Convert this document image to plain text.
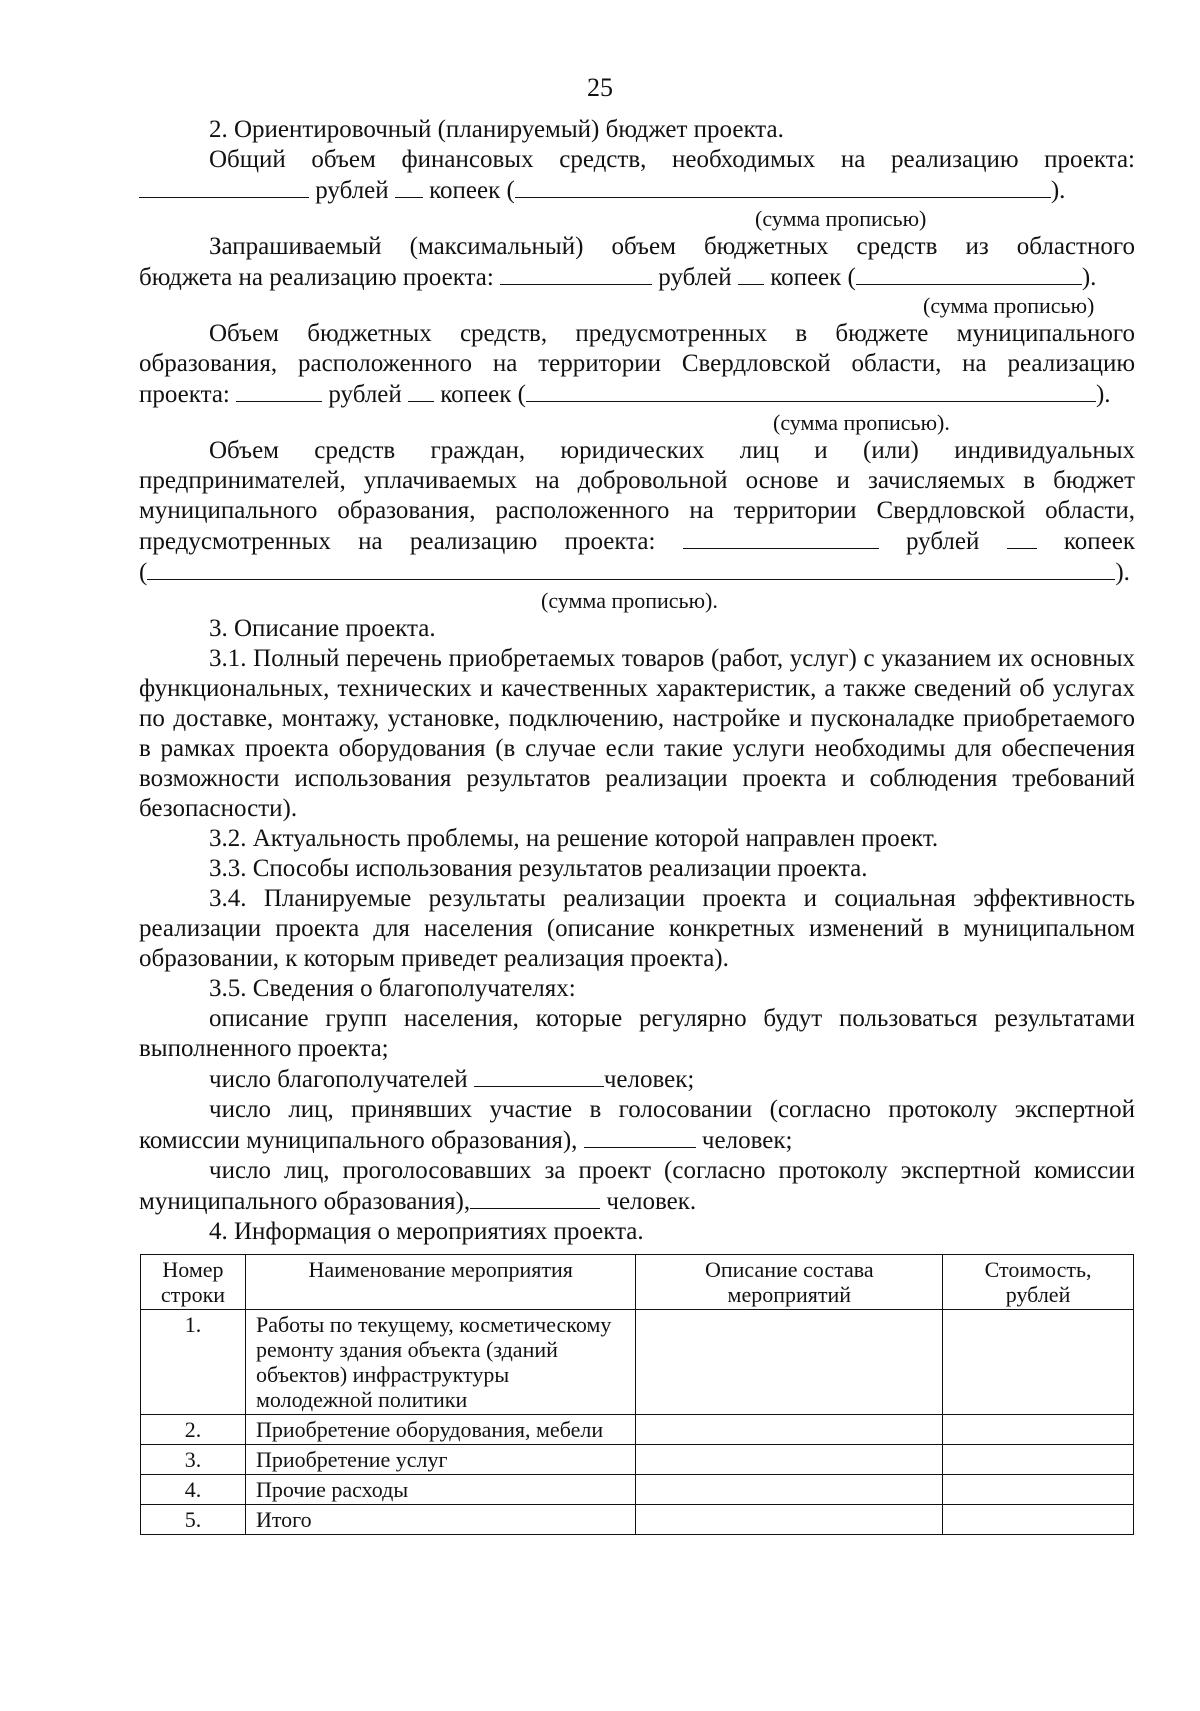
25
2. Ориентировочный (планируемый) бюджет проекта.
Общий объем финансовых средств, необходимых на реализацию проекта:
рублей копеек (	).
(сумма прописью)
Запрашиваемый (максимальный) объем бюджетных средств из областного
бюджета на реализацию проекта:	рублей копеек (	).
(сумма прописью)
Объем бюджетных средств, предусмотренных в бюджете муниципального
образования, расположенного на территории Свердловской области, на реализацию
проекта:	рублей копеек (	).
(сумма прописью).
Объем средств граждан, юридических лиц и (или) индивидуальных
предпринимателей, уплачиваемых на добровольной основе и зачисляемых в бюджет
муниципального образования, расположенного на территории Свердловской области,
предусмотренных на реализацию проекта:	рублей	копеек
(	).
(сумма прописью).
3. Описание проекта.

3.1. Полный перечень приобретаемых товаров (работ, услуг) с указанием их основных функциональных, технических и качественных характеристик, а также сведений об услугах по доставке, монтажу, установке, подключению, настройке и пусконаладке приобретаемого в рамках проекта оборудования (в случае если такие услуги необходимы для обеспечения возможности использования результатов реализации проекта и соблюдения требований безопасности).

3.2. Актуальность проблемы, на решение которой направлен проект.

3.3. Способы использования результатов реализации проекта.

3.4. Планируемые результаты реализации проекта и социальная эффективность реализации проекта для населения (описание конкретных изменений в муниципальном образовании, к которым приведет реализация проекта).

3.5. Сведения о благополучателях:

описание групп населения, которые регулярно будут пользоваться результатами выполненного проекта;

число благополучателей	человек;
число лиц, принявших участие в голосовании (согласно протоколу экспертной
комиссии муниципального образования),	человек;
число лиц, проголосовавших за проект (согласно протоколу экспертной комиссии
муниципального образования),	человек.
4. Информация о мероприятиях проекта.
Номер строки	Наименование мероприятия	Описание состава мероприятий	Стоимость, рублей
1.	Работы по текущему, косметическому ремонту здания объекта (зданий объектов) инфраструктуры молодежной политики		
2.	Приобретение оборудования, мебели		
3.	Приобретение услуг		
4.	Прочие расходы		
5.	Итого		
